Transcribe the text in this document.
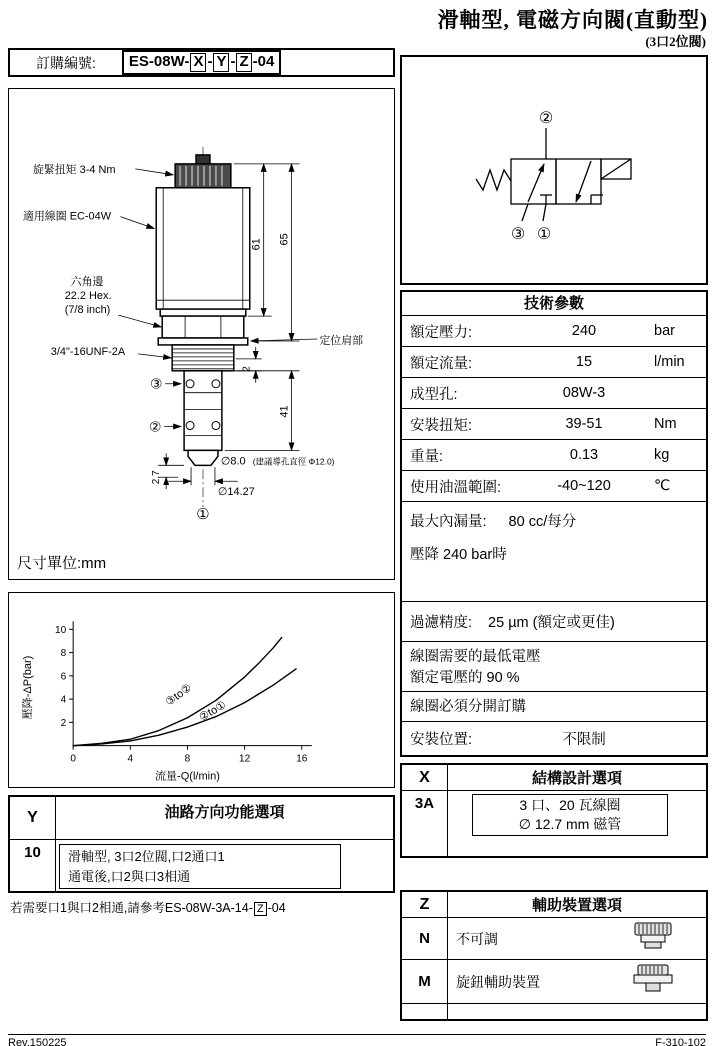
滑軸型, 電磁方向閥(直動型)
(3口2位閥)
訂購編號: ES-08W- X - Y - Z -04
旋緊扭矩 3-4 Nm
適用線圈 EC-04W
六角邊
22.2 Hex.
(7/8 inch)
3/4"-16UNF-2A
定位肩部
61 65
2
41
2.7
∅8.0 (建議導孔直徑 Φ12.0)
∅14.27
③
②
①
尺寸單位:mm
0	4	8	12	16
2
4
6
8
10
③to②
②to①
壓降-ΔP(bar)
流量-Q(l/min)
Y	油路方向功能選項
10	滑軸型, 3口2位閥,口2通口1
通電後,口2與口3相通
若需要口1與口2相通,請參考ES-08W-3A-14- Z -04
②
③ ①
技術參數
額定壓力:	240	bar
額定流量:	15	l/min
成型孔:	08W-3
安裝扭矩:	39-51	Nm
重量:	0.13	kg
使用油溫範圍:	-40~120	℃
最大內漏量: 80 cc/每分
壓降 240 bar時
過濾精度: 25 µm (額定或更佳)
線圈需要的最低電壓
額定電壓的 90 %
線圈必須分開訂購
安裝位置:	不限制
X	結構設計選項
3A	3 口、20 瓦線圈
∅ 12.7 mm 磁管
Z	輔助裝置選項
N	不可調
M	旋鈕輔助裝置
Rev.150225	F-310-102
